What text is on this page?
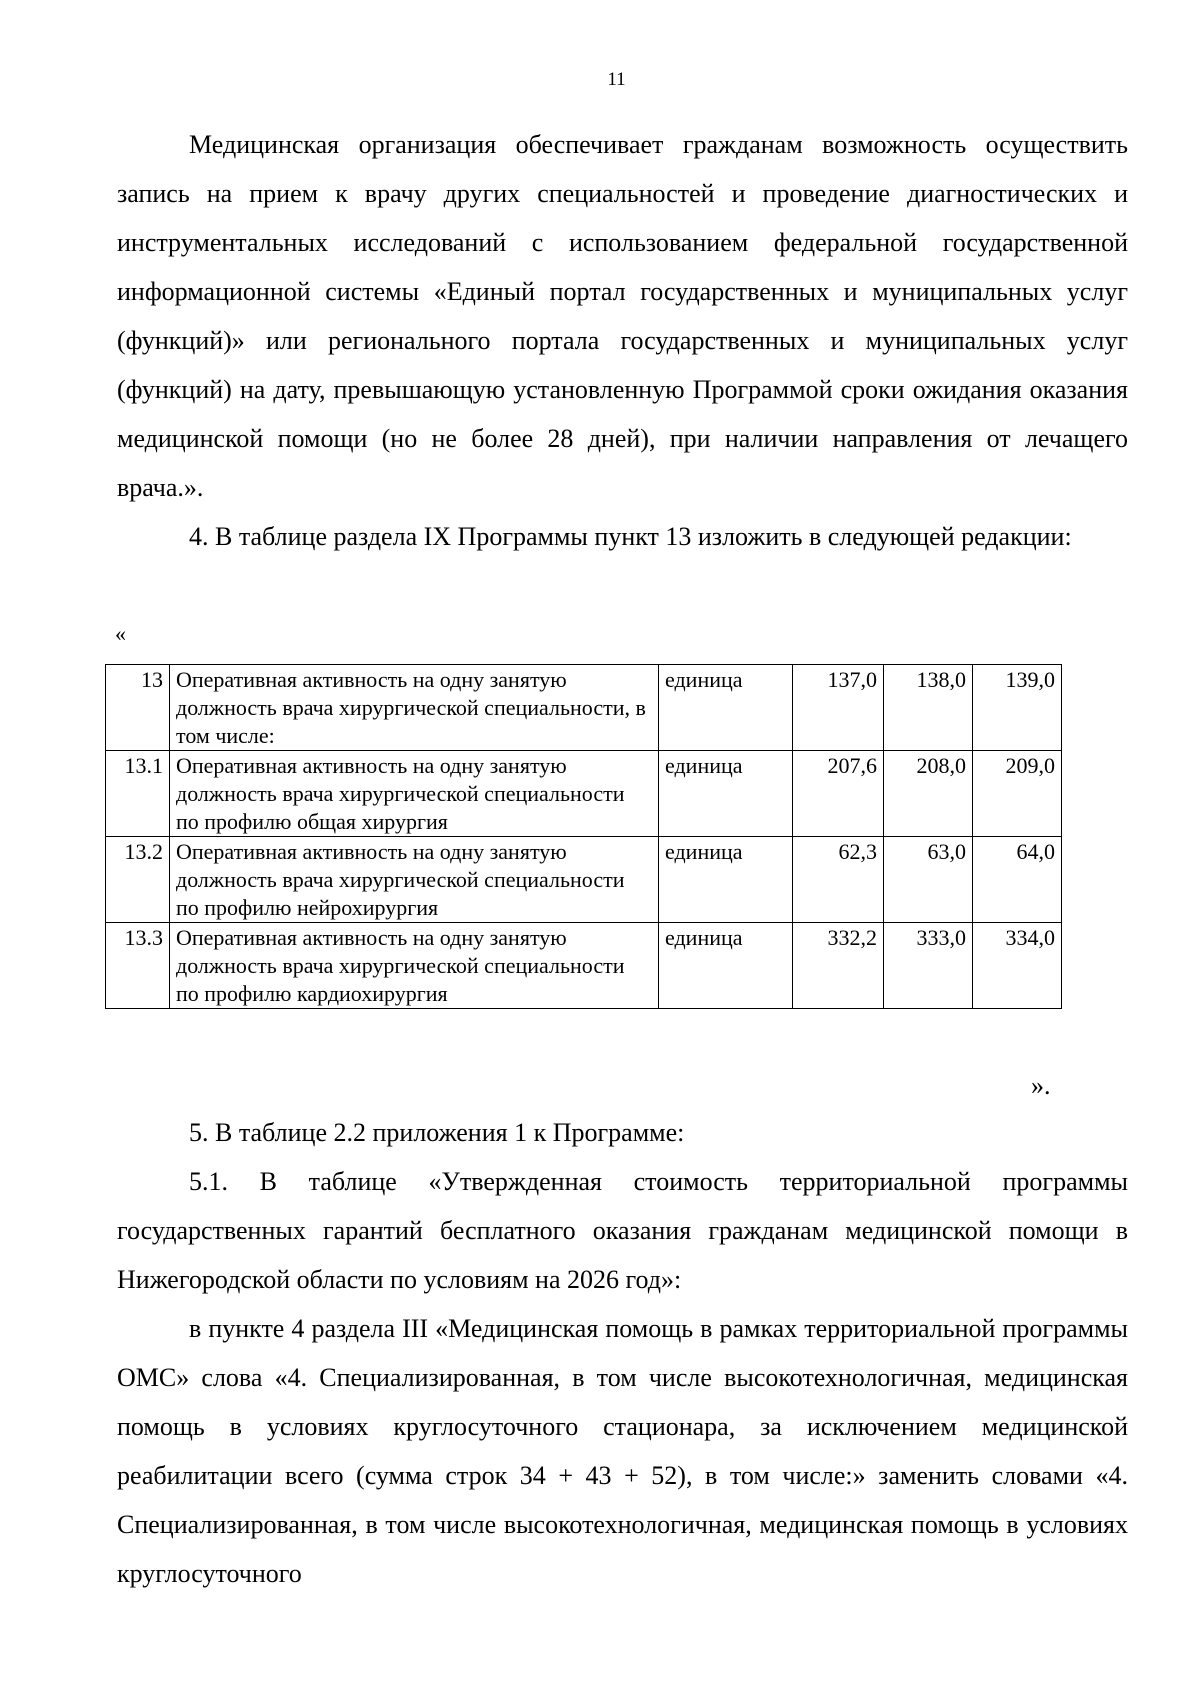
11

Медицинская организация обеспечивает гражданам возможность осуществить запись на прием к врачу других специальностей и проведение диагностических и инструментальных исследований с использованием федеральной государственной информационной системы «Единый портал государственных и муниципальных услуг (функций)» или регионального портала государственных и муниципальных услуг (функций) на дату, превышающую установленную Программой сроки ожидания оказания медицинской помощи (но не более 28 дней), при наличии направления от лечащего врача.».

4. В таблице раздела IX Программы пункт 13 изложить в следующей редакции:

«
13	Оперативная активность на одну занятую должность врача хирургической специальности, в том числе:	единица	137,0	138,0	139,0
13.1	Оперативная активность на одну занятую должность врача хирургической специальности по профилю общая хирургия	единица	207,6	208,0	209,0
13.2	Оперативная активность на одну занятую должность врача хирургической специальности по профилю нейрохирургия	единица	62,3	63,0	64,0
13.3	Оперативная активность на одну занятую должность врача хирургической специальности по профилю кардиохирургия	единица	332,2	333,0	334,0
».

5. В таблице 2.2 приложения 1 к Программе:

5.1. В таблице «Утвержденная стоимость территориальной программы государственных гарантий бесплатного оказания гражданам медицинской помощи в Нижегородской области по условиям на 2026 год»:

в пункте 4 раздела III «Медицинская помощь в рамках территориальной программы ОМС» слова «4. Специализированная, в том числе высокотехнологичная, медицинская помощь в условиях круглосуточного стационара, за исключением медицинской реабилитации всего (сумма строк 34 + 43 + 52), в том числе:» заменить словами «4. Специализированная, в том числе высокотехнологичная, медицинская помощь в условиях круглосуточного
